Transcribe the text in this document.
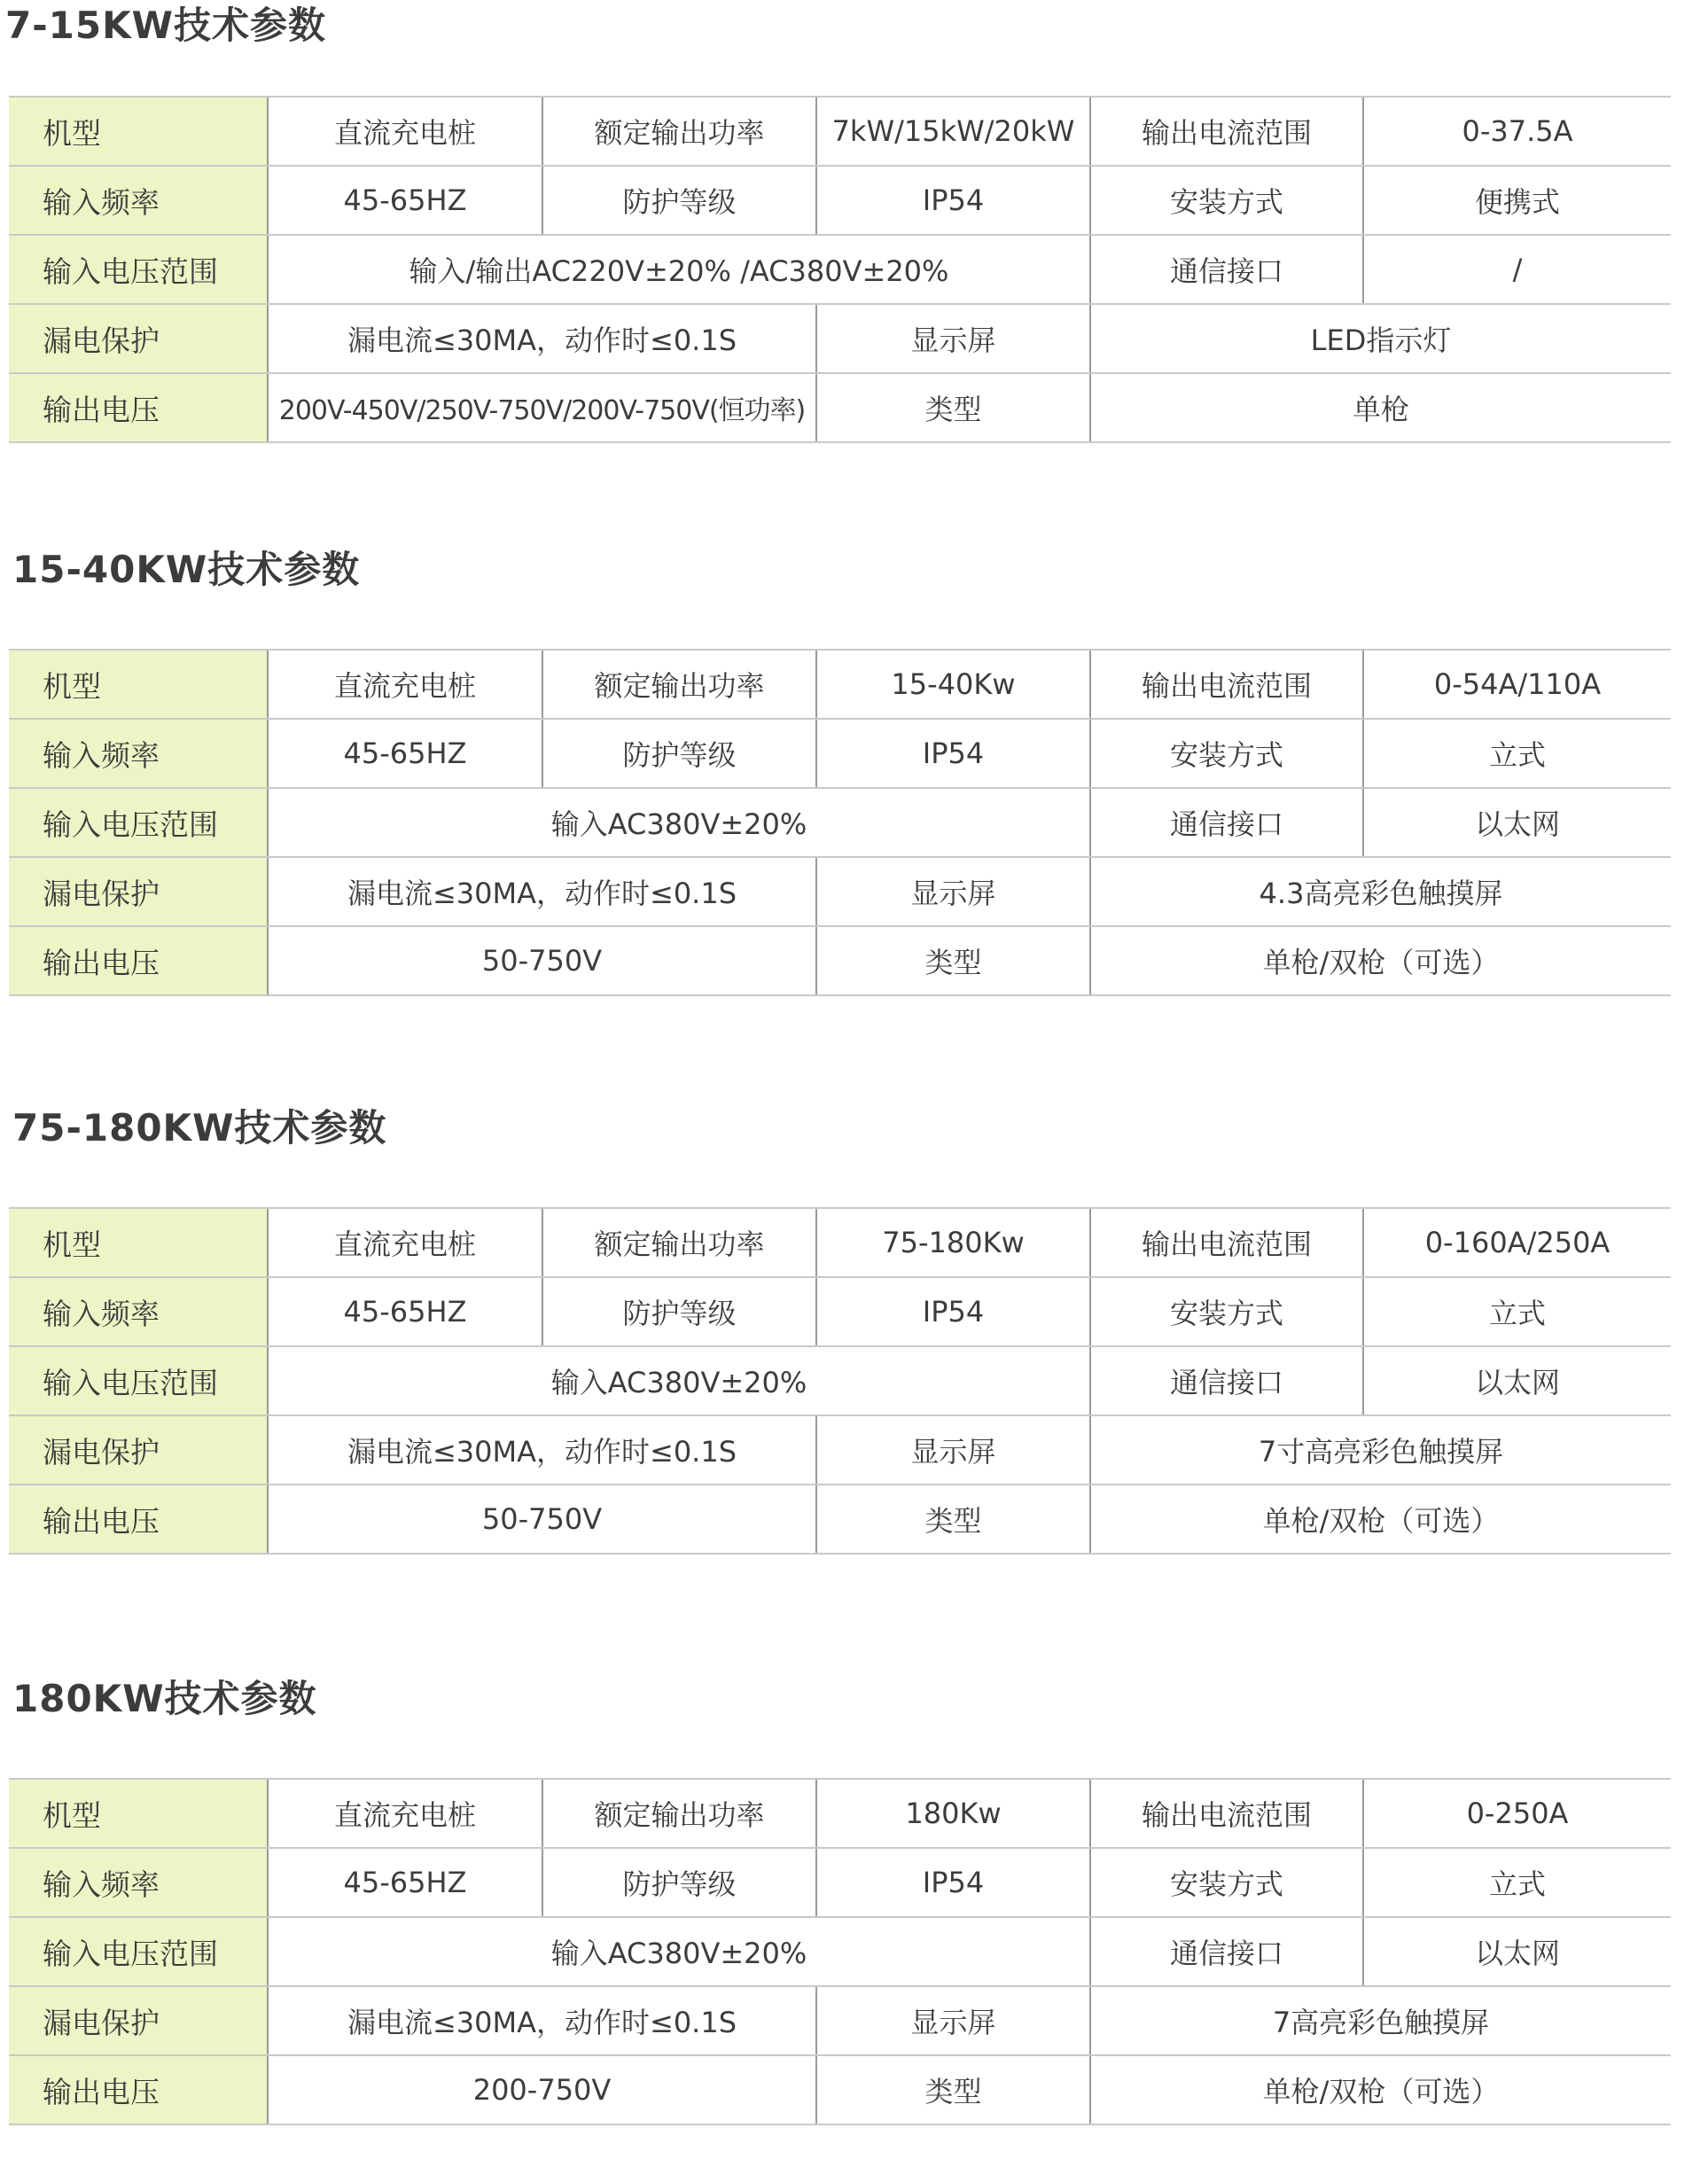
7-15KW技术参数
机型	直流充电桩	额定输出功率	7kW/15kW/20kW	输出电流范围	0-37.5A
输入频率	45-65HZ	防护等级	IP54	安装方式	便携式
输入电压范围	输入/输出AC220V±20% /AC380V±20%			通信接口	/
漏电保护	漏电流≤30MA，动作时≤0.1S		显示屏	LED指示灯	
输出电压	200V-450V/250V-750V/200V-750V(恒功率)		类型	单枪	
15-40KW技术参数
机型	直流充电桩	额定输出功率	15-40Kw	输出电流范围	0-54A/110A
输入频率	45-65HZ	防护等级	IP54	安装方式	立式
输入电压范围	输入AC380V±20%			通信接口	以太网
漏电保护	漏电流≤30MA，动作时≤0.1S		显示屏	4.3高亮彩色触摸屏	
输出电压	50-750V		类型	单枪/双枪（可选）	
75-180KW技术参数
机型	直流充电桩	额定输出功率	75-180Kw	输出电流范围	0-160A/250A
输入频率	45-65HZ	防护等级	IP54	安装方式	立式
输入电压范围	输入AC380V±20%			通信接口	以太网
漏电保护	漏电流≤30MA，动作时≤0.1S		显示屏	7寸高亮彩色触摸屏	
输出电压	50-750V		类型	单枪/双枪（可选）	
180KW技术参数
机型	直流充电桩	额定输出功率	180Kw	输出电流范围	0-250A
输入频率	45-65HZ	防护等级	IP54	安装方式	立式
输入电压范围	输入AC380V±20%			通信接口	以太网
漏电保护	漏电流≤30MA，动作时≤0.1S		显示屏	7高亮彩色触摸屏	
输出电压	200-750V		类型	单枪/双枪（可选）	
